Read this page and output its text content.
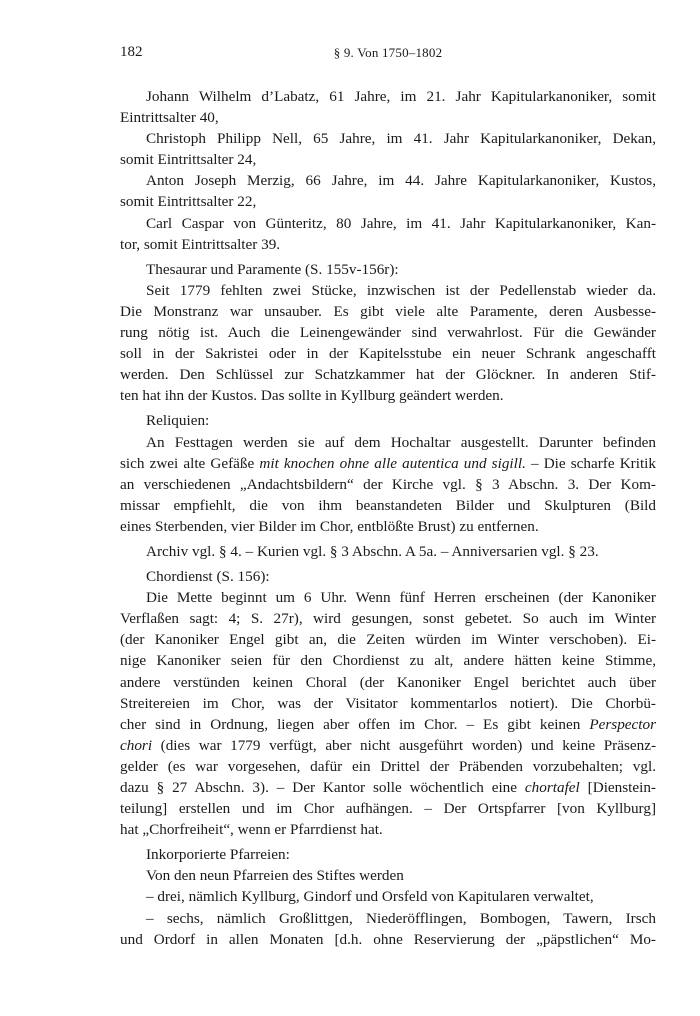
182	§ 9. Von 1750–1802
Johann Wilhelm d’Labatz, 61 Jahre, im 21. Jahr Kapitularkanoniker, somit
Eintrittsalter 40,
Christoph Philipp Nell, 65 Jahre, im 41. Jahr Kapitularkanoniker, Dekan,
somit Eintrittsalter 24,
Anton Joseph Merzig, 66 Jahre, im 44. Jahre Kapitularkanoniker, Kustos,
somit Eintrittsalter 22,
Carl Caspar von Günteritz, 80 Jahre, im 41. Jahr Kapitularkanoniker, Kan-
tor, somit Eintrittsalter 39.
Thesaurar und Paramente (S. 155v-156r):
Seit 1779 fehlten zwei Stücke, inzwischen ist der Pedellenstab wieder da.
Die Monstranz war unsauber. Es gibt viele alte Paramente, deren Ausbesse-
rung nötig ist. Auch die Leinengewänder sind verwahrlost. Für die Gewänder
soll in der Sakristei oder in der Kapitelsstube ein neuer Schrank angeschafft
werden. Den Schlüssel zur Schatzkammer hat der Glöckner. In anderen Stif-
ten hat ihn der Kustos. Das sollte in Kyllburg geändert werden.
Reliquien:
An Festtagen werden sie auf dem Hochaltar ausgestellt. Darunter befinden
sich zwei alte Gefäße mit knochen ohne alle autentica und sigill. – Die scharfe Kritik
an verschiedenen „Andachtsbildern“ der Kirche vgl. § 3 Abschn. 3. Der Kom-
missar empfiehlt, die von ihm beanstandeten Bilder und Skulpturen (Bild
eines Sterbenden, vier Bilder im Chor, entblößte Brust) zu entfernen.
Archiv vgl. § 4. – Kurien vgl. § 3 Abschn. A 5a. – Anniversarien vgl. § 23.
Chordienst (S. 156):
Die Mette beginnt um 6 Uhr. Wenn fünf Herren erscheinen (der Kanoniker
Verflaßen sagt: 4; S. 27r), wird gesungen, sonst gebetet. So auch im Winter
(der Kanoniker Engel gibt an, die Zeiten würden im Winter verschoben). Ei-
nige Kanoniker seien für den Chordienst zu alt, andere hätten keine Stimme,
andere verstünden keinen Choral (der Kanoniker Engel berichtet auch über
Streitereien im Chor, was der Visitator kommentarlos notiert). Die Chorbü-
cher sind in Ordnung, liegen aber offen im Chor. – Es gibt keinen Perspector
chori (dies war 1779 verfügt, aber nicht ausgeführt worden) und keine Präsenz-
gelder (es war vorgesehen, dafür ein Drittel der Präbenden vorzubehalten; vgl.
dazu § 27 Abschn. 3). – Der Kantor solle wöchentlich eine chortafel [Dienstein-
teilung] erstellen und im Chor aufhängen. – Der Ortspfarrer [von Kyllburg]
hat „Chorfreiheit“, wenn er Pfarrdienst hat.
Inkorporierte Pfarreien:
Von den neun Pfarreien des Stiftes werden
– drei, nämlich Kyllburg, Gindorf und Orsfeld von Kapitularen verwaltet,
– sechs, nämlich Großlittgen, Niederöfflingen, Bombogen, Tawern, Irsch
und Ordorf in allen Monaten [d.h. ohne Reservierung der „päpstlichen“ Mo-
